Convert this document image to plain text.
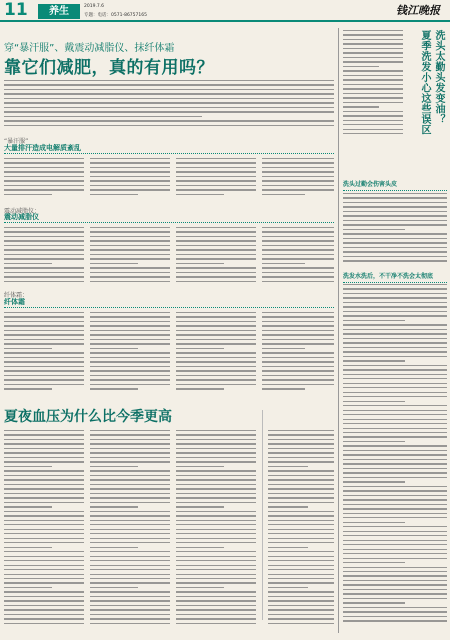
11	养生	2019.7.6
专题：电话：0571-86757165	钱江晚报
穿“暴汗服”、戴震动减脂仪、抹纤体霜
靠它们减肥，真的有用吗？
“暴汗服”
大量排汗造成电解质紊乱
震动减脂仪：
震动减脂仪
纤体霜：
纤体霜
夏夜血压为什么比今季更高
洗头太勤头发变油？
夏季洗发小心这些误区
洗头过勤会伤害头皮
洗发水洗后，不干净不洗会太彻底
